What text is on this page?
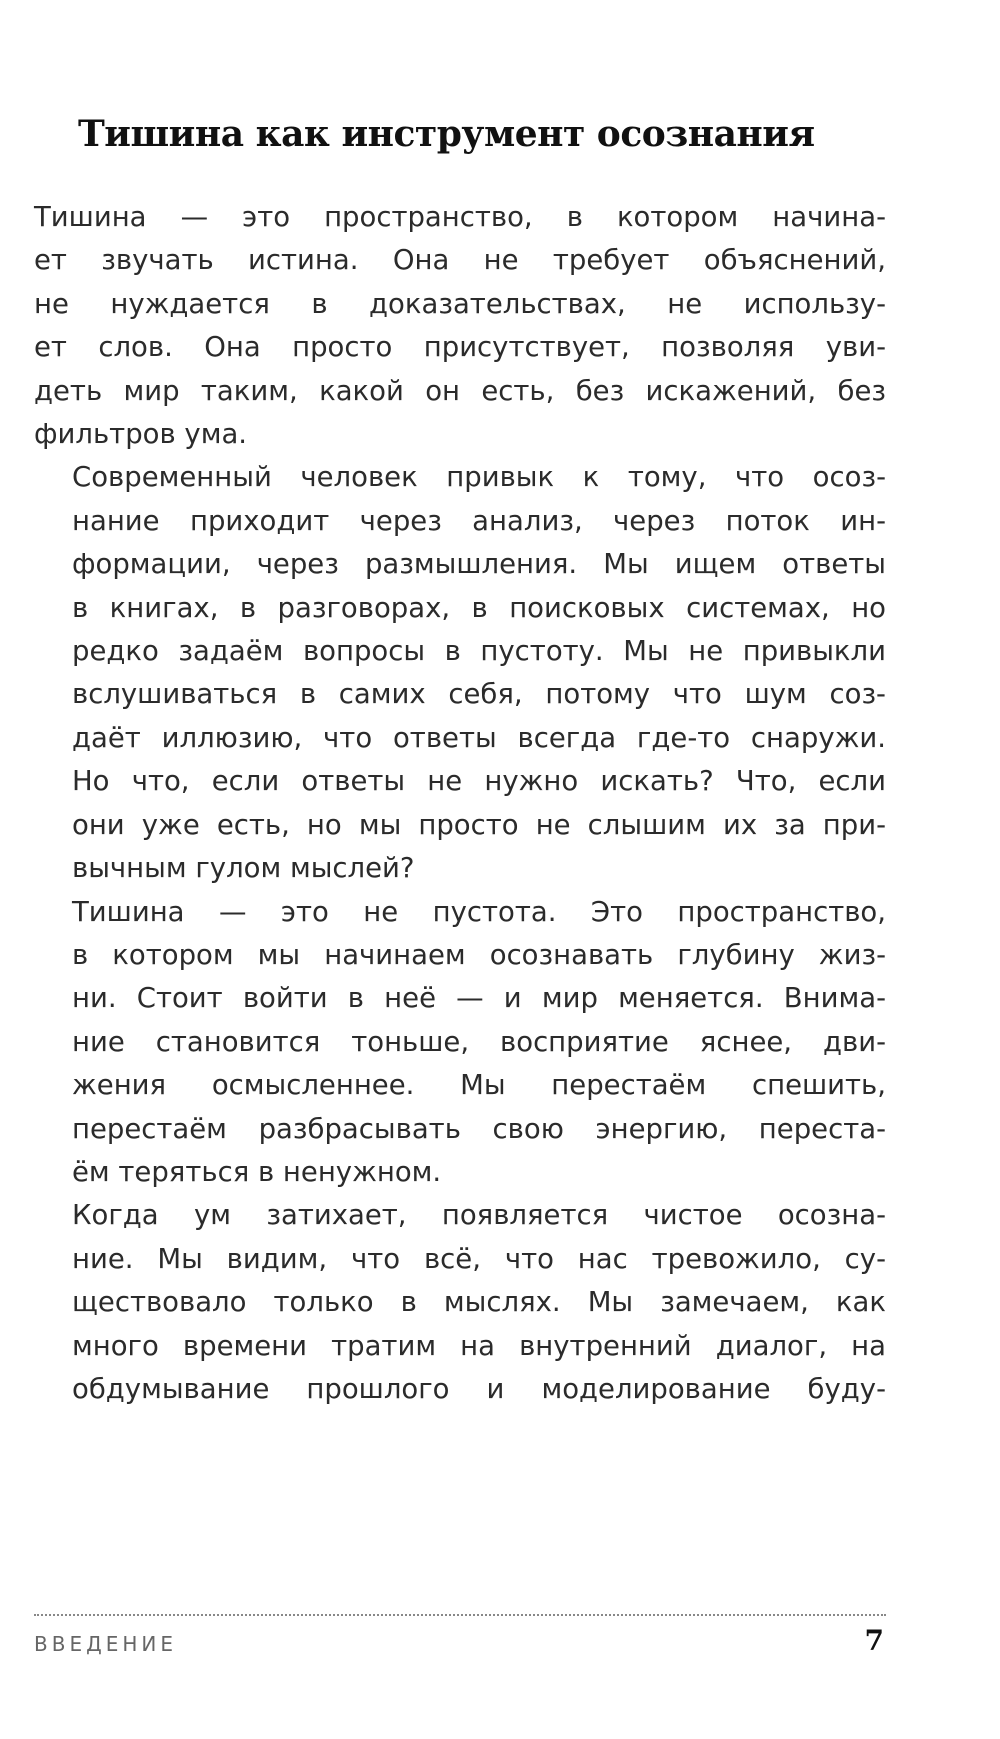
Тишина как инструмент осознания

Тишина — это пространство, в котором начина-
ет звучать истина. Она не требует объяснений,
не нуждается в доказательствах, не использу-
ет слов. Она просто присутствует, позволяя уви-
деть мир таким, какой он есть, без искажений, без
фильтров ума.

Современный человек привык к тому, что осоз-
нание приходит через анализ, через поток ин-
формации, через размышления. Мы ищем ответы
в книгах, в разговорах, в поисковых системах, но
редко задаём вопросы в пустоту. Мы не привыкли
вслушиваться в самих себя, потому что шум соз-
даёт иллюзию, что ответы всегда где-то снаружи.

Но что, если ответы не нужно искать? Что, если
они уже есть, но мы просто не слышим их за при-
вычным гулом мыслей?

Тишина — это не пустота. Это пространство,
в котором мы начинаем осознавать глубину жиз-
ни. Стоит войти в неё — и мир меняется. Внима-
ние становится тоньше, восприятие яснее, дви-
жения осмысленнее. Мы перестаём спешить,
перестаём разбрасывать свою энергию, переста-
ём теряться в ненужном.

Когда ум затихает, появляется чистое осозна-
ние. Мы видим, что всё, что нас тревожило, су-
ществовало только в мыслях. Мы замечаем, как
много времени тратим на внутренний диалог, на
обдумывание прошлого и моделирование буду-

ВВЕДЕНИЕ	7
